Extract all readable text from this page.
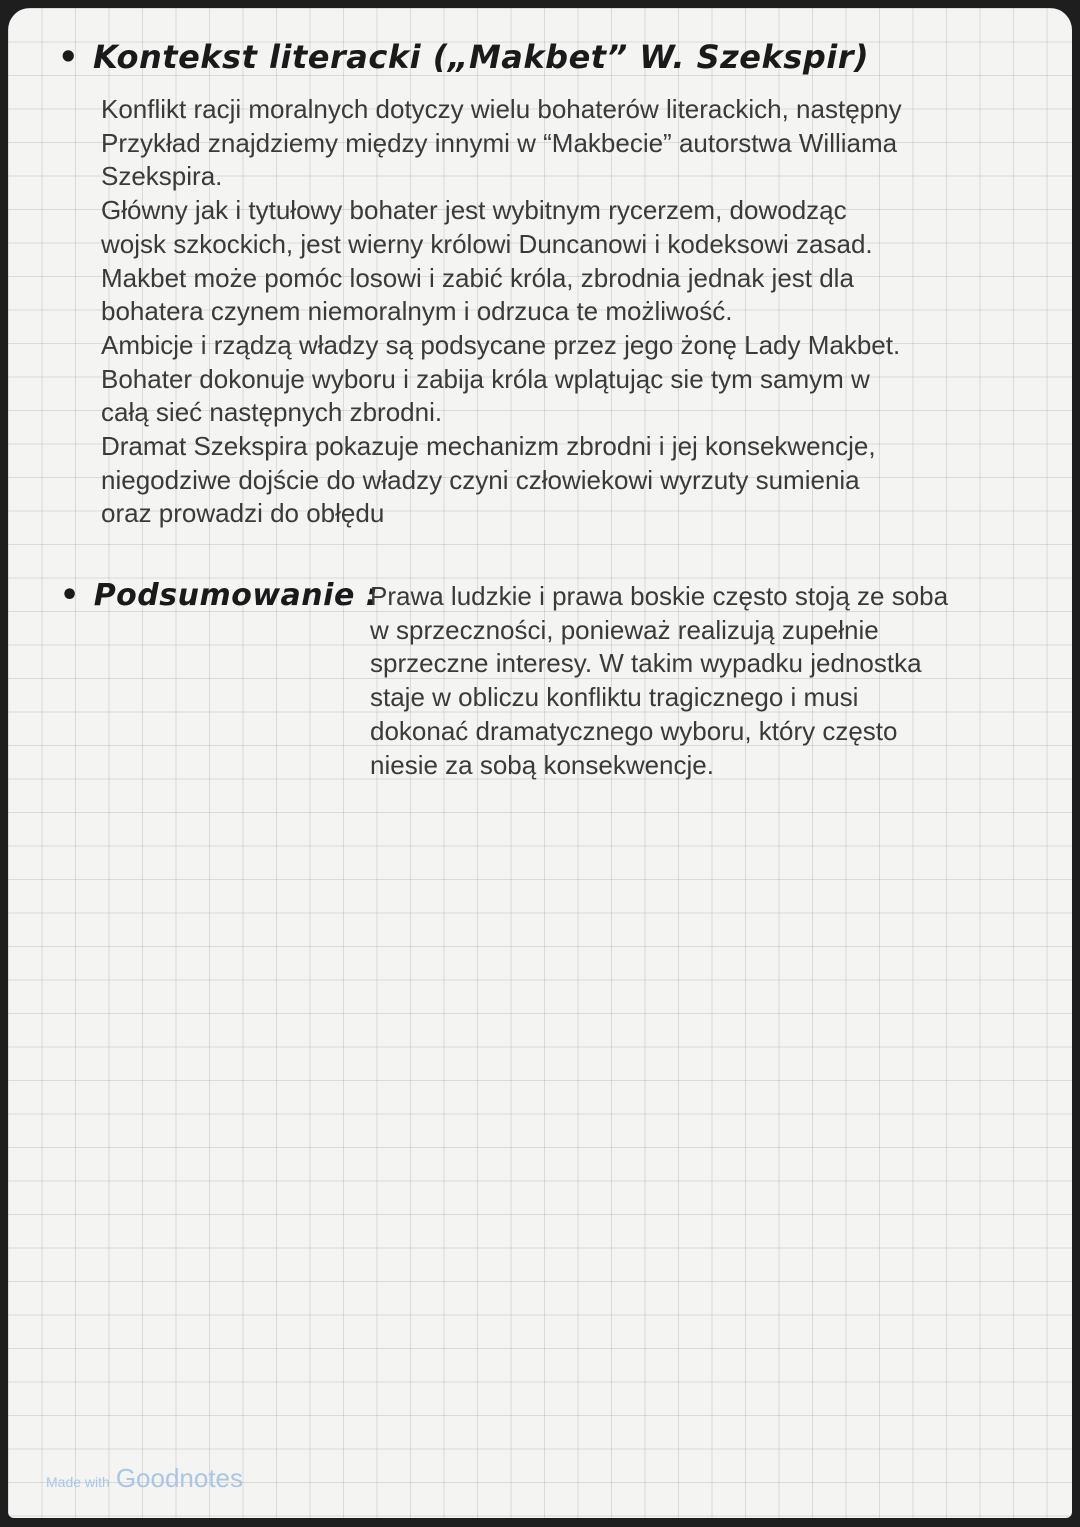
• Kontekst literacki („Makbet” W. Szekspir)
Konflikt racji moralnych dotyczy wielu bohaterów literackich, następny
Przykład znajdziemy między innymi w “Makbecie” autorstwa Williama
Szekspira.
Główny jak i tytułowy bohater jest wybitnym rycerzem, dowodząc
wojsk szkockich, jest wierny królowi Duncanowi i kodeksowi zasad.
Makbet może pomóc losowi i zabić króla, zbrodnia jednak jest dla
bohatera czynem niemoralnym i odrzuca te możliwość.
Ambicje i rządzą władzy są podsycane przez jego żonę Lady Makbet.
Bohater dokonuje wyboru i zabija króla wplątując sie tym samym w
całą sieć następnych zbrodni.
Dramat Szekspira pokazuje mechanizm zbrodni i jej konsekwencje,
niegodziwe dojście do władzy czyni człowiekowi wyrzuty sumienia
oraz prowadzi do obłędu
• Podsumowanie :
Prawa ludzkie i prawa boskie często stoją ze soba
w sprzeczności, ponieważ realizują zupełnie
sprzeczne interesy. W takim wypadku jednostka
staje w obliczu konfliktu tragicznego i musi
dokonać dramatycznego wyboru, który często
niesie za sobą konsekwencje.
Made with Goodnotes
